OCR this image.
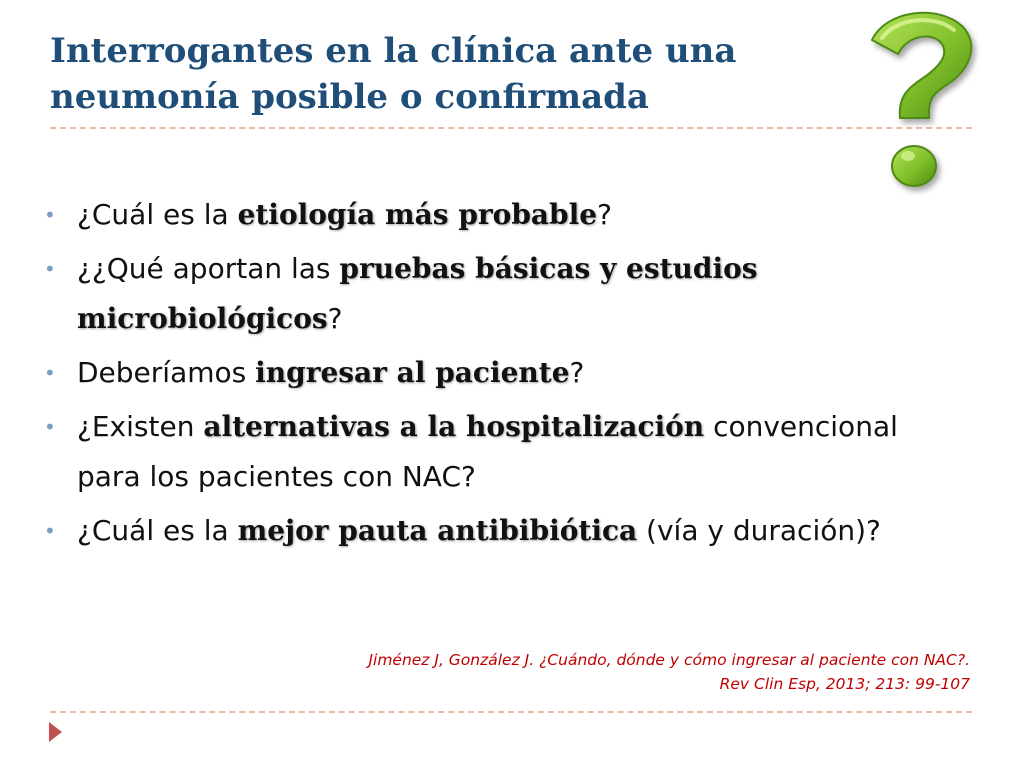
Interrogantes en la clínica ante una
neumonía posible o confirmada
• ¿Cuál es la etiología más probable?
• ¿¿Qué aportan las pruebas básicas y estudios microbiológicos?
• Deberíamos ingresar al paciente?
• ¿Existen alternativas a la hospitalización convencional para los pacientes con NAC?
• ¿Cuál es la mejor pauta antibibiótica (vía y duración)?
Jiménez J, González J. ¿Cuándo, dónde y cómo ingresar al paciente con NAC?.
Rev Clin Esp, 2013; 213: 99-107
